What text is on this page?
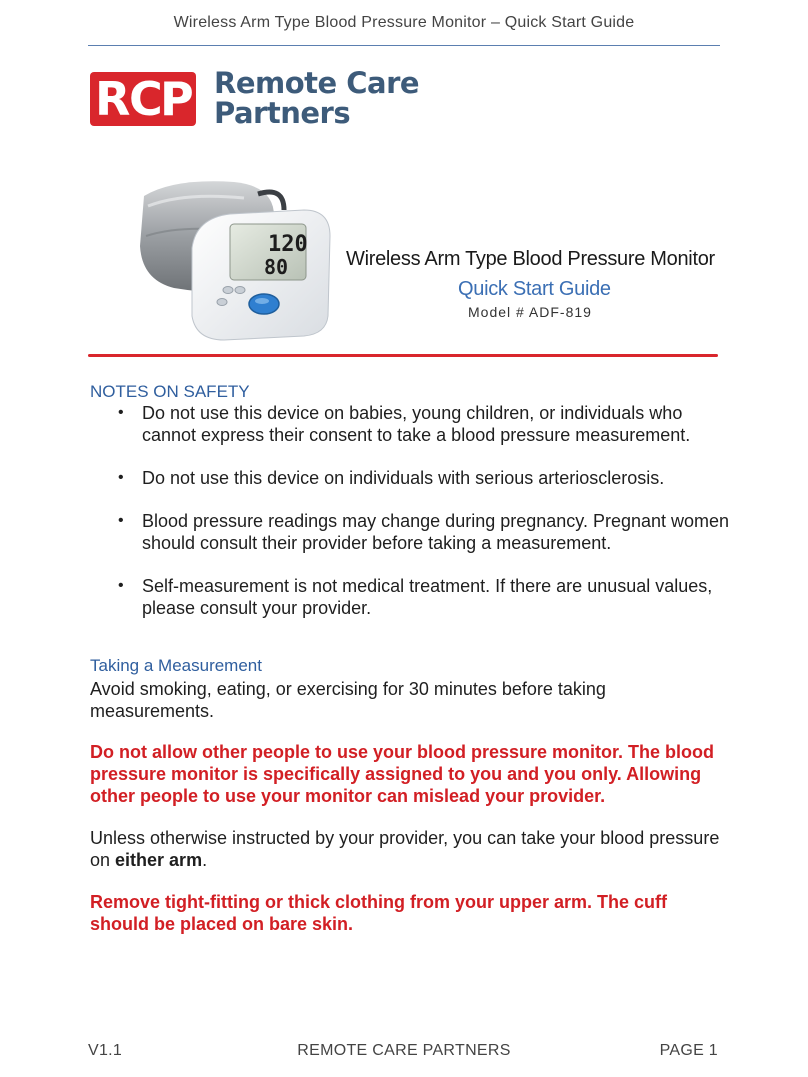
Wireless Arm Type Blood Pressure Monitor – Quick Start Guide
R
C
P Remote Care
Partners
120
80	Wireless Arm Type Blood Pressure Monitor
Quick Start Guide
Model # ADF-819
NOTES ON SAFETY
• Do not use this device on babies, young children, or individuals who cannot express their consent to take a blood pressure measurement.
• Do not use this device on individuals with serious arteriosclerosis.
• Blood pressure readings may change during pregnancy. Pregnant women should consult their provider before taking a measurement.
• Self-measurement is not medical treatment. If there are unusual values, please consult your provider.
Taking a Measurement
Avoid smoking, eating, or exercising for 30 minutes before taking measurements.
Do not allow other people to use your blood pressure monitor. The blood pressure monitor is specifically assigned to you and you only. Allowing other people to use your monitor can mislead your provider.
Unless otherwise instructed by your provider, you can take your blood pressure on either arm.
Remove tight-fitting or thick clothing from your upper arm. The cuff should be placed on bare skin.
V1.1	REMOTE CARE PARTNERS	PAGE 1
